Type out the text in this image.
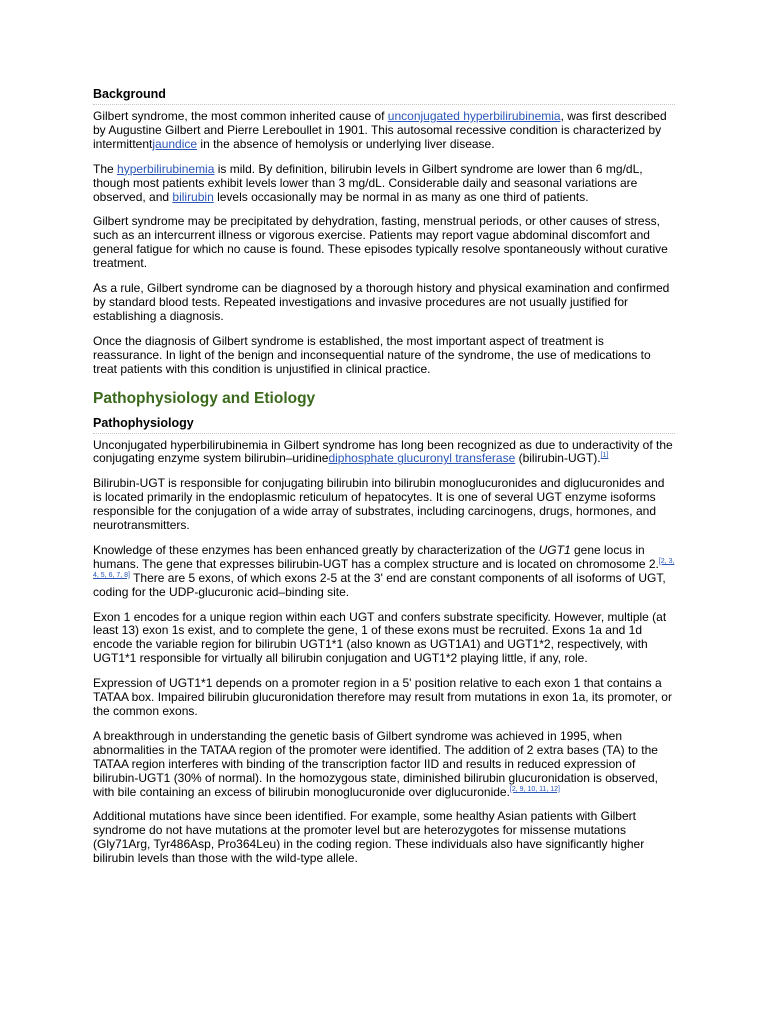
Background

Gilbert syndrome, the most common inherited cause of unconjugated hyperbilirubinemia, was first described by Augustine Gilbert and Pierre Lereboullet in 1901. This autosomal recessive condition is characterized by intermittentjaundice in the absence of hemolysis or underlying liver disease.

The hyperbilirubinemia is mild. By definition, bilirubin levels in Gilbert syndrome are lower than 6 mg/dL, though most patients exhibit levels lower than 3 mg/dL. Considerable daily and seasonal variations are observed, and bilirubin levels occasionally may be normal in as many as one third of patients.

Gilbert syndrome may be precipitated by dehydration, fasting, menstrual periods, or other causes of stress, such as an intercurrent illness or vigorous exercise. Patients may report vague abdominal discomfort and general fatigue for which no cause is found. These episodes typically resolve spontaneously without curative treatment.

As a rule, Gilbert syndrome can be diagnosed by a thorough history and physical examination and confirmed by standard blood tests. Repeated investigations and invasive procedures are not usually justified for establishing a diagnosis.

Once the diagnosis of Gilbert syndrome is established, the most important aspect of treatment is reassurance. In light of the benign and inconsequential nature of the syndrome, the use of medications to treat patients with this condition is unjustified in clinical practice.

Pathophysiology and Etiology
Pathophysiology

Unconjugated hyperbilirubinemia in Gilbert syndrome has long been recognized as due to underactivity of the conjugating enzyme system bilirubin–uridinediphosphate glucuronyl transferase (bilirubin-UGT).[1]

Bilirubin-UGT is responsible for conjugating bilirubin into bilirubin monoglucuronides and diglucuronides and is located primarily in the endoplasmic reticulum of hepatocytes. It is one of several UGT enzyme isoforms responsible for the conjugation of a wide array of substrates, including carcinogens, drugs, hormones, and neurotransmitters.

Knowledge of these enzymes has been enhanced greatly by characterization of the UGT1 gene locus in humans. The gene that expresses bilirubin-UGT has a complex structure and is located on chromosome 2.[2, 3, 4, 5, 6, 7, 8] There are 5 exons, of which exons 2-5 at the 3' end are constant components of all isoforms of UGT, coding for the UDP-glucuronic acid–binding site.

Exon 1 encodes for a unique region within each UGT and confers substrate specificity. However, multiple (at least 13) exon 1s exist, and to complete the gene, 1 of these exons must be recruited. Exons 1a and 1d encode the variable region for bilirubin UGT1*1 (also known as UGT1A1) and UGT1*2, respectively, with UGT1*1 responsible for virtually all bilirubin conjugation and UGT1*2 playing little, if any, role.

Expression of UGT1*1 depends on a promoter region in a 5' position relative to each exon 1 that contains a TATAA box. Impaired bilirubin glucuronidation therefore may result from mutations in exon 1a, its promoter, or the common exons.

A breakthrough in understanding the genetic basis of Gilbert syndrome was achieved in 1995, when abnormalities in the TATAA region of the promoter were identified. The addition of 2 extra bases (TA) to the TATAA region interferes with binding of the transcription factor IID and results in reduced expression of bilirubin-UGT1 (30% of normal). In the homozygous state, diminished bilirubin glucuronidation is observed, with bile containing an excess of bilirubin monoglucuronide over diglucuronide.[2, 9, 10, 11, 12]

Additional mutations have since been identified. For example, some healthy Asian patients with Gilbert syndrome do not have mutations at the promoter level but are heterozygotes for missense mutations (Gly71Arg, Tyr486Asp, Pro364Leu) in the coding region. These individuals also have significantly higher bilirubin levels than those with the wild-type allele.
